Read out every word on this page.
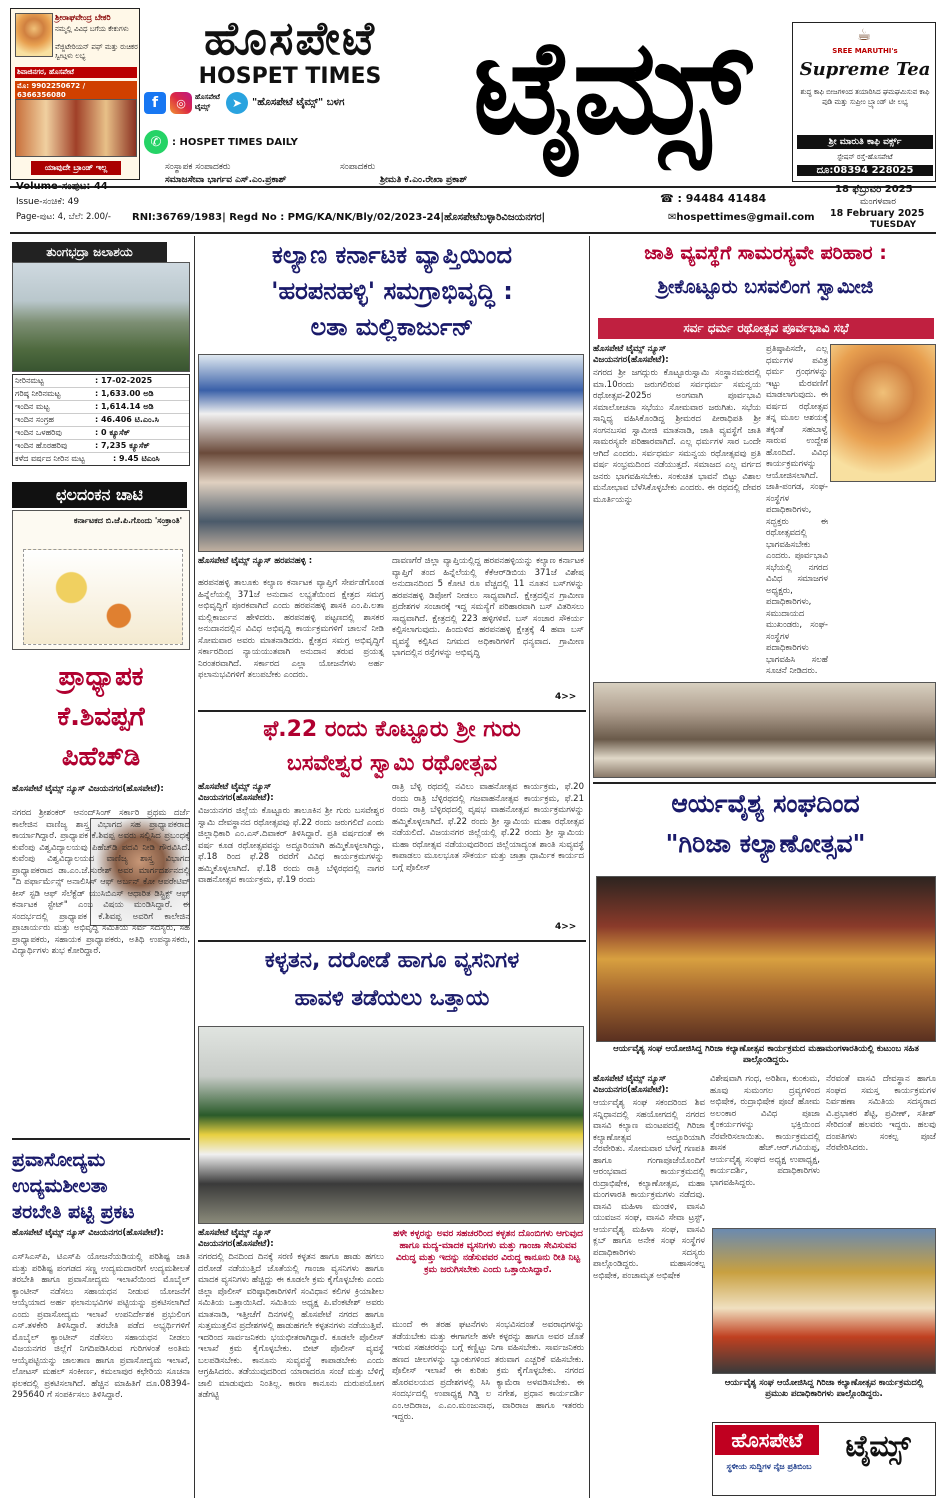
ಶ್ರೀರಾಘವೇಂದ್ರ ಬೇಕರಿ
ನಮ್ಮಲ್ಲಿ ವಿವಿಧ ಬಗೆಯ ಕೇಕುಗಳು
ವೆಜ್ಜಿಟೇರಿಯನ್ ಪಫ್ ಮತ್ತು ರುಚಿಕರ ಸ್ವೀಟ್ಗಳು ಲಭ್ಯ
ಶಿವಾಜಿನಗರ, ಹೊಸಪೇಟೆ
ಮೊ: 9902250672 / 6366356080
ಯಾವುದೇ ಬ್ರಾಂಡ್ ಇಲ್ಲ
ಹೊಸಪೇಟೆ
HOSPET TIMES ಟೈಮ್ಸ್
f	◎	ಹೊಸಪೇಟೆ ಟೈಮ್ಸ್	➤ "ಹೊಸಪೇಟೆ ಟೈಮ್ಸ್" ಬಳಗ
✆	: HOSPET TIMES DAILY
ಸಂಸ್ಥಾಪಕ ಸಂಪಾದಕರು	ಸಂಪಾದಕರು
ಸಮಾಜಸೇವಾ ಭಾರ್ಗವ ಎಸ್.ಎಂ.ಪ್ರಕಾಶ್	ಶ್ರೀಮತಿ ಕೆ.ಎಂ.ರೇಖಾ ಪ್ರಕಾಶ್
☕
SREE MARUTHI's
Supreme Tea
ಶುದ್ಧ ಕಾಫಿ ಬೀಜಗಳಿಂದ ತಯಾರಿಸಿದ ಘಮಘಮಿಸುವ ಕಾಫಿ ಪುಡಿ ಮತ್ತು ಸುಪ್ರೀಂ ಬ್ರ್ಯಾಂಡ್ ಟೀ ಲಭ್ಯ
ಶ್ರೀ ಮಾರುತಿ ಕಾಫಿ ವರ್ಕ್ಸ್
ಸ್ಟೇಷನ್ ರಸ್ತೆ-ಹೊಸಪೇಟೆ
ದೂ:08394 228025
Volume-ಸಂಪುಟ: 44
Issue-ಸಂಚಿಕೆ: 49
Page-ಪುಟ: 4, ಬೆಲೆ: 2.00/-
☎ : 94484 41484
RNI:36769/1983| Regd No : PMG/KA/NK/Bly/02/2023-24|ಹೊಸಪೇಟೆಬಳ್ಳಾರಿವಿಜಯನಗರ|	✉hospettimes@gmail.com
18 ಫೆಬ್ರುವರಿ 2025
ಮಂಗಳವಾರ
18 February 2025
TUESDAY
ತುಂಗಭದ್ರಾ ಜಲಾಶಯ
ನೀರಿನಮಟ್ಟ	: 17-02-2025
ಗರಿಷ್ಠ ನೀರಿನಮಟ್ಟ	: 1,633.00 ಅಡಿ
ಇಂದಿನ ಮಟ್ಟ	: 1,614.14 ಅಡಿ
ಇಂದಿನ ಸಂಗ್ರಹ	: 46.406 ಟಿ.ಎಂ.ಸಿ
ಇಂದಿನ ಒಳಹರಿವು	: 0 ಕ್ಯೂಸೆಕ್
ಇಂದಿನ ಹೊರಹರಿವು	: 7,235 ಕ್ಯೂಸೆಕ್
ಕಳೆದ ವರ್ಷದ ನೀರಿನ ಮಟ್ಟ	: 9.45 ಟಿಎಂಸಿ
ಛಲದಂಕನ ಚಾಟಿ
ಕರ್ನಾಟಕದ ಬಿ.ಜೆ.ಪಿ.ಗೊಂದು 'ಸಂಕ್ರಾಂತಿ'
ಪ್ರಾಧ್ಯಾಪಕ
ಕೆ.ಶಿವಪ್ಪಗೆ
ಪಿಹೆಚ್‌ಡಿ
ಹೊಸಪೇಟೆ ಟೈಮ್ಸ್ ನ್ಯೂಸ್ ವಿಜಯನಗರ(ಹೊಸಪೇಟೆ):
ನಗರದ ಶ್ರೀಶಂಕರ್ ಆನಂದ್‌ಸಿಂಗ್ ಸರ್ಕಾರಿ ಪ್ರಥಮ ದರ್ಜೆ ಕಾಲೇಜಿನ ವಾಣಿಜ್ಯ ಶಾಸ್ತ್ರ ವಿಭಾಗದ ಸಹ ಪ್ರಾಧ್ಯಾಪಕರಾದ ಕಾರ್ಯಾಗಿದ್ದಾರೆ. ಪ್ರಾಧ್ಯಾಪಕ ಕೆ.ಶಿವಪ್ಪ ಅವರು ಸಲ್ಲಿಸಿದ ಪ್ರಬಂಧಕ್ಕೆ ಕುವೆಂಪು ವಿಶ್ವವಿದ್ಯಾಲಯವು ಪಿಹೆಚ್‌ಡಿ ಪದವಿ ನೀಡಿ ಗೌರವಿಸಿದೆ. ಕುವೆಂಪು ವಿಶ್ವವಿದ್ಯಾಲಯದ ವಾಣಿಜ್ಯ ಶಾಸ್ತ್ರ ವಿಭಾಗದ ಪ್ರಾಧ್ಯಾಪಕರಾದ ಡಾ.ಎಂ.ಜೆ.ಸುರೇಶ್ ಅವರ ಮಾರ್ಗದರ್ಶನದಲ್ಲಿ "ದಿ ಪರ್ಫಾರ್ಮೆನ್ಸ್ ಅನಾಲಿಸಿಸ್ ಆಫ್ ಅರ್ಬನ್ ಕೋ ಆಪರೇಟಿವ್ ಕೀಸ್ ಸ್ಟಡಿ ಆಫ್ ಸೆಲೆಕ್ಟೆಡ್ ಯುಸಿಬಿಎಸ್ ಆಧಾರಿತ ಡಿಸ್ಟ್ರಿಕ್ಟ್ ಆಫ್ ಕರ್ನಾಟಕ ಸ್ಟೇಟ್" ಎಂಬ ವಿಷಯ ಮಂಡಿಸಿದ್ದಾರೆ. ಈ ಸಂದರ್ಭದಲ್ಲಿ ಪ್ರಾಧ್ಯಾಪಕ ಕೆ.ಶಿವಪ್ಪ ಅವರಿಗೆ ಕಾಲೇಜಿನ ಪ್ರಾಚಾರ್ಯರು ಮತ್ತು ಅಭಿವೃದ್ಧಿ ಸಮಿತಿಯ ಸರ್ವ ಸದಸ್ಯರು, ಸಹ ಪ್ರಾಧ್ಯಾಪಕರು, ಸಹಾಯಕ ಪ್ರಾಧ್ಯಾಪಕರು, ಅತಿಥಿ ಉಪನ್ಯಾಸಕರು, ವಿದ್ಯಾರ್ಥಿಗಳು ಶುಭ ಕೋರಿದ್ದಾರೆ.
ಪ್ರವಾಸೋದ್ಯಮ
ಉದ್ಯಮಶೀಲತಾ
ತರಬೇತಿ ಪಟ್ಟಿ ಪ್ರಕಟ
ಹೊಸಪೇಟೆ ಟೈಮ್ಸ್ ನ್ಯೂಸ್ ವಿಜಯನಗರ(ಹೊಸಪೇಟೆ):
ಎಸ್‌ಸಿಎಸ್‌ಪಿ, ಟಿಎಸ್‌ಪಿ ಯೋಜನೆಯಡಿಯಲ್ಲಿ ಪರಿಶಿಷ್ಟ ಜಾತಿ ಮತ್ತು ಪರಿಶಿಷ್ಟ ಪಂಗಡದ ಸಣ್ಣ ಉದ್ಯಮದಾರರಿಗೆ ಉದ್ಯಮಶೀಲತೆ ತರಬೇತಿ ಹಾಗೂ ಪ್ರವಾಸೋದ್ಯಮ ಇಲಾಖೆಯಿಂದ ಮೊಬೈಲ್ ಕ್ಯಾಂಟೀನ್ ನಡೆಸಲು ಸಹಾಯಧನ ನೀಡುವ ಯೋಜನೆಗೆ ಆಯ್ಕೆಯಾದ ಅರ್ಹ ಫಲಾನುಭವಿಗಳ ಪಟ್ಟಿಯನ್ನು ಪ್ರಕಟಿಸಲಾಗಿದೆ ಎಂದು ಪ್ರವಾಸೋದ್ಯಮ ಇಲಾಖೆ ಉಪನಿರ್ದೇಶಕ ಪ್ರಭುಲಿಂಗ ಎಸ್.ತಳಕೇರಿ ತಿಳಿಸಿದ್ದಾರೆ. ತರಬೇತಿ ಪಡೆದ ಅಭ್ಯರ್ಥಿಗಳಿಗೆ ಮೊಬೈಲ್ ಕ್ಯಾಂಟೀನ್ ನಡೆಸಲು ಸಹಾಯಧನ ನೀಡಲು ವಿಜಯನಗರ ಜಿಲ್ಲೆಗೆ ನಿಗದಿಪಡಿಸಿರುವ ಗುರಿಗಳಂತೆ ಅಂತಿಮ ಆಯ್ಕೆಪಟ್ಟಿಯನ್ನು ಜಾಲತಾಣ ಹಾಗೂ ಪ್ರವಾಸೋದ್ಯಮ ಇಲಾಖೆ, ಲೋಟಸ್ ಮಹಲ್ ಸಂಕೀರ್ಣ, ಕಮಲಾಪುರ ಕಛೇರಿಯ ಸೂಚನಾ ಫಲಕದಲ್ಲಿ ಪ್ರಕಟಿಸಲಾಗಿದೆ. ಹೆಚ್ಚಿನ ಮಾಹಿತಿಗೆ ದೂ.08394-295640 ಗೆ ಸಂಪರ್ಕಿಸಲು ತಿಳಿಸಿದ್ದಾರೆ.
ಕಲ್ಯಾಣ ಕರ್ನಾಟಕ ವ್ಯಾಪ್ತಿಯಿಂದ
'ಹರಪನಹಳ್ಳಿ' ಸಮಗ್ರಾಭಿವೃದ್ಧಿ :
ಲತಾ ಮಲ್ಲಿಕಾರ್ಜುನ್
ಹೊಸಪೇಟೆ ಟೈಮ್ಸ್ ನ್ಯೂಸ್ ಹರಪನಹಳ್ಳಿ :
ಹರಪನಹಳ್ಳಿ ತಾಲೂಕು ಕಲ್ಯಾಣ ಕರ್ನಾಟಕ ವ್ಯಾಪ್ತಿಗೆ ಸೇರ್ಪಡೆಗೊಂಡ ಹಿನ್ನೆಲೆಯಲ್ಲಿ 371ಜೆ ಅನುದಾನ ಲಭ್ಯತೆಯಿಂದ ಕ್ಷೇತ್ರದ ಸಮಗ್ರ ಅಭಿವೃದ್ಧಿಗೆ ಪೂರಕವಾಗಿದೆ ಎಂದು ಹರಪನಹಳ್ಳಿ ಶಾಸಕಿ ಎಂ.ಪಿ.ಲತಾ ಮಲ್ಲಿಕಾರ್ಜುನ ಹೇಳಿದರು. ಹರಪನಹಳ್ಳಿ ಪಟ್ಟಣದಲ್ಲಿ ಶಾಸಕರ ಅನುದಾನದಲ್ಲಿನ ವಿವಿಧ ಅಭಿವೃದ್ಧಿ ಕಾರ್ಯಕ್ರಮಗಳಿಗೆ ಚಾಲನೆ ನೀಡಿ ಸೋಮವಾರ ಅವರು ಮಾತನಾಡಿದರು. ಕ್ಷೇತ್ರದ ಸಮಗ್ರ ಅಭಿವೃದ್ಧಿಗೆ ಸರ್ಕಾರದಿಂದ ನ್ಯಾಯಯುತವಾಗಿ ಅನುದಾನ ತರುವ ಪ್ರಯತ್ನ ನಿರಂತರವಾಗಿದೆ. ಸರ್ಕಾರದ ಎಲ್ಲಾ ಯೋಜನೆಗಳು ಅರ್ಹ ಫಲಾನುಭವಿಗಳಿಗೆ ತಲುಪಬೇಕು ಎಂದರು.
ದಾವಣಗೆರೆ ಜಿಲ್ಲಾ ವ್ಯಾಪ್ತಿಯಲ್ಲಿದ್ದ ಹರಪನಹಳ್ಳಿಯನ್ನು ಕಲ್ಯಾಣ ಕರ್ನಾಟಕ ವ್ಯಾಪ್ತಿಗೆ ತಂದ ಹಿನ್ನೆಲೆಯಲ್ಲಿ ಕೆಕೆಆರ್‌ಡಿಬಿಯ 371ಜೆ ವಿಶೇಷ ಅನುದಾನದಿಂದ 5 ಕೋಟಿ ರೂ ವೆಚ್ಚದಲ್ಲಿ 11 ನೂತನ ಬಸ್‌ಗಳನ್ನು ಹರಪನಹಳ್ಳಿ ಡಿಪೋಗೆ ನೀಡಲು ಸಾಧ್ಯವಾಗಿದೆ. ಕ್ಷೇತ್ರದಲ್ಲಿನ ಗ್ರಾಮೀಣ ಪ್ರದೇಶಗಳ ಸಂಚಾರಕ್ಕೆ ಇದ್ದ ಸಮಸ್ಯೆಗೆ ಪರಿಹಾರವಾಗಿ ಬಸ್ ವಿತರಿಸಲು ಸಾಧ್ಯವಾಗಿದೆ. ಕ್ಷೇತ್ರದಲ್ಲಿ 223 ಹಳ್ಳಿಗಳಿವೆ. ಬಸ್ ಸಂಚಾರ ಸೌಕರ್ಯ ಕಲ್ಪಿಸಲಾಗುವುದು. ಹಿಂದುಳಿದ ಹರಪನಹಳ್ಳಿ ಕ್ಷೇತ್ರಕ್ಕೆ 4 ಹವಾ ಬಸ್ ವ್ಯವಸ್ಥೆ ಕಲ್ಪಿಸಿದ ನಿಗಮದ ಅಧಿಕಾರಿಗಳಿಗೆ ಧನ್ಯವಾದ. ಗ್ರಾಮೀಣ ಭಾಗದಲ್ಲಿನ ರಸ್ತೆಗಳನ್ನು ಅಭಿವೃದ್ಧಿ
4>>
ಫೆ.22 ರಂದು ಕೊಟ್ಟೂರು ಶ್ರೀ ಗುರು
ಬಸವೇಶ್ವರ ಸ್ವಾಮಿ ರಥೋತ್ಸವ
ಹೊಸಪೇಟೆ ಟೈಮ್ಸ್ ನ್ಯೂಸ್ ವಿಜಯನಗರ(ಹೊಸಪೇಟೆ):
ವಿಜಯನಗರ ಜಿಲ್ಲೆಯ ಕೊಟ್ಟೂರು ತಾಲೂಕಿನ ಶ್ರೀ ಗುರು ಬಸವೇಶ್ವರ ಸ್ವಾಮಿ ದೇವಸ್ಥಾನದ ರಥೋತ್ಸವವು ಫೆ.22 ರಂದು ಜರುಗಲಿದೆ ಎಂದು ಜಿಲ್ಲಾಧಿಕಾರಿ ಎಂ.ಎಸ್.ದಿವಾಕರ್ ತಿಳಿಸಿದ್ದಾರೆ. ಪ್ರತಿ ವರ್ಷದಂತೆ ಈ ವರ್ಷ ಕೂಡ ರಥೋತ್ಸವವನ್ನು ಅದ್ಧೂರಿಯಾಗಿ ಹಮ್ಮಿಕೊಳ್ಳಲಾಗಿದ್ದು, ಫೆ.18 ರಿಂದ ಫೆ.28 ರವರೆಗೆ ವಿವಿಧ ಕಾರ್ಯಕ್ರಮಗಳನ್ನು ಹಮ್ಮಿಕೊಳ್ಳಲಾಗಿದೆ. ಫೆ.18 ರಂದು ರಾತ್ರಿ ಬೆಳ್ಳಿರಥದಲ್ಲಿ ನಾಗರ ವಾಹನೋತ್ಸವ ಕಾರ್ಯಕ್ರಮ, ಫೆ.19 ರಂದು
ರಾತ್ರಿ ಬೆಳ್ಳಿ ರಥದಲ್ಲಿ ನವಿಲು ವಾಹನೋತ್ಸವ ಕಾರ್ಯಕ್ರಮ, ಫೆ.20 ರಂದು ರಾತ್ರಿ ಬೆಳ್ಳಿರಥದಲ್ಲಿ ಗಜವಾಹನೋತ್ಸವ ಕಾರ್ಯಕ್ರಮ, ಫೆ.21 ರಂದು ರಾತ್ರಿ ಬೆಳ್ಳಿರಥದಲ್ಲಿ ವೃಷಭ ವಾಹನೋತ್ಸವ ಕಾರ್ಯಕ್ರಮಗಳನ್ನು ಹಮ್ಮಿಕೊಳ್ಳಲಾಗಿದೆ. ಫೆ.22 ರಂದು ಶ್ರೀ ಸ್ವಾಮಿಯ ಮಹಾ ರಥೋತ್ಸವ ನಡೆಯಲಿದೆ. ವಿಜಯನಗರ ಜಿಲ್ಲೆಯಲ್ಲಿ ಫೆ.22 ರಂದು ಶ್ರೀ ಸ್ವಾಮಿಯ ಮಹಾ ರಥೋತ್ಸವ ನಡೆಯುವುದರಿಂದ ಜಿಲ್ಲೆಯಾದ್ಯಂತ ಶಾಂತಿ ಸುವ್ಯವಸ್ಥೆ ಕಾಪಾಡಲು ಮೂಲಭೂತ ಸೌಕರ್ಯ ಮತ್ತು ಜಾತ್ರಾ ಧಾರ್ಮಿಕ ಕಾರ್ಯದ ಬಗ್ಗೆ ಪೊಲೀಸ್
4>>
ಕಳ್ಳತನ, ದರೋಡೆ ಹಾಗೂ ವ್ಯಸನಿಗಳ
ಹಾವಳಿ ತಡೆಯಲು ಒತ್ತಾಯ
ಹೊಸಪೇಟೆ ಟೈಮ್ಸ್ ನ್ಯೂಸ್ ವಿಜಯನಗರ(ಹೊಸಪೇಟೆ):
ನಗರದಲ್ಲಿ ದಿನದಿಂದ ದಿನಕ್ಕೆ ಸರಣಿ ಕಳ್ಳತನ ಹಾಗೂ ಹಾಡು ಹಗಲು ದರೋಡೆ ನಡೆಯುತ್ತಿದೆ ಜೊತೆಯಲ್ಲಿ ಗಾಂಜಾ ವ್ಯಸನಿಗಳು ಹಾಗೂ ಮಾದಕ ವ್ಯಸನಿಗಳು ಹೆಚ್ಚಿದ್ದು ಈ ಕೂಡಲೇ ಕ್ರಮ ಕೈಗೊಳ್ಳಬೇಕು ಎಂದು ಜಿಲ್ಲಾ ಪೊಲೀಸ್ ವರಿಷ್ಠಾಧಿಕಾರಿಗಳಿಗೆ ಸಂವಿಧಾನ ಕಲಿಗಳ ಕ್ರಿಯಾಶೀಲ ಸಮಿತಿಯ ಒತ್ತಾಯಿಸಿದೆ. ಸಮಿತಿಯ ಅಧ್ಯಕ್ಷ ಪಿ.ವೆಂಕಟೇಶ್ ಅವರು ಮಾತನಾಡಿ, ಇತ್ತೀಚೆಗೆ ದಿನಗಳಲ್ಲಿ ಹೊಸಪೇಟೆ ನಗರದ ಹಾಗೂ ಸುತ್ತಮುತ್ತಲಿನ ಪ್ರದೇಶಗಳಲ್ಲಿ ಹಾಡುಹಗಲೇ ಕಳ್ಳತನಗಳು ನಡೆಯುತ್ತಿವೆ. ಇದರಿಂದ ಸಾರ್ವಜನಿಕರು ಭಯಭೀತರಾಗಿದ್ದಾರೆ. ಕೂಡಲೇ ಪೊಲೀಸ್ ಇಲಾಖೆ ಕ್ರಮ ಕೈಗೊಳ್ಳಬೇಕು. ಬೀಟ್ ಪೊಲೀಸ್ ವ್ಯವಸ್ಥೆ ಬಲಪಡಿಸಬೇಕು. ಕಾನೂನು ಸುವ್ಯವಸ್ಥೆ ಕಾಪಾಡಬೇಕು ಎಂದು ಆಗ್ರಹಿಸಿದರು. ತಡೆಯುವುದರಿಂದ ಯಾರಾದರೂ ಸಂಜೆ ಮತ್ತು ಬೆಳಿಗ್ಗೆ ಜಾಲಿ ಮಾಡುವುದು ನಿಂತಿಲ್ಲ. ಕಾರಣ ಕಾನೂನು ದುರುಪಯೋಗ ತಡೆಗಟ್ಟಿ
ಹಳೇ ಕಳ್ಳರನ್ನು ಅವರ ಸಹಚರರಿಂದ ಕಳ್ಳತನ ದೊಂಬಿಗಳು ಆಗುವುದ ಹಾಗೂ ಮದ್ಯ-ಮಾದಕ ವ್ಯಸನಿಗಳು ಮತ್ತು ಗಾಂಜಾ ಸೇವಿಸುವವ ವಿರುದ್ಧ ಮತ್ತು ಇದನ್ನು ನಡೆಸುವವರ ವಿರುದ್ಧ ಕಾನೂನು ರೀತಿ ನಿಟ್ಟ ಕ್ರಮ ಜರುಗಿಸಬೇಕು ಎಂದು ಒತ್ತಾಯಿಸಿದ್ದಾರೆ.
ಮುಂದೆ ಈ ತರಹ ಘಟನೆಗಳು ಸಂಭವಿಸದಂತೆ ಅವರಾಧಗಳನ್ನು ತಡೆಯಬೇಕು ಮತ್ತು ಈಗಾಗಲೇ ಹಳೇ ಕಳ್ಳರನ್ನು ಹಾಗೂ ಅವರ ಜೊತೆ ಇರುವ ಸಹಚರರನ್ನು ಬಗ್ಗೆ ಕಣ್ಣಿಟ್ಟು ನಿಗಾ ವಹಿಸಬೇಕು. ಸಾರ್ವಜನಿಕರು ಹಣದ ಚೀಲಗಳನ್ನು ಬ್ಯಾಂಕುಗಳಿಂದ ತರುವಾಗ ಎಚ್ಚರಿಕೆ ವಹಿಸಬೇಕು. ಪೊಲೀಸ್ ಇಲಾಖೆ ಈ ಕುರಿತು ಕ್ರಮ ಕೈಗೊಳ್ಳಬೇಕು. ನಗರದ ಹೊರವಲಯದ ಪ್ರದೇಶಗಳಲ್ಲಿ ಸಿಸಿ ಕ್ಯಾಮೆರಾ ಅಳವಡಿಸಬೇಕು. ಈ ಸಂದರ್ಭದಲ್ಲಿ ಉಪಾಧ್ಯಕ್ಷ ಗಿಡ್ಡಿ ಲ ನಗೇಶ, ಪ್ರಧಾನ ಕಾರ್ಯದರ್ಶಿ ಎಂ.ಆದಿರಾಜ, ಎ.ಎಂ.ಮಂಜುನಾಥ, ವಾರಿರಾಜ ಹಾಗೂ ಇತರರು ಇದ್ದರು.
ಜಾತಿ ವ್ಯವಸ್ಥೆಗೆ ಸಾಮರಸ್ಯವೇ ಪರಿಹಾರ :
ಶ್ರೀಕೊಟ್ಟೂರು ಬಸವಲಿಂಗ ಸ್ವಾಮೀಜಿ
ಸರ್ವ ಧರ್ಮ ರಥೋತ್ಸವ ಪೂರ್ವಭಾವಿ ಸಭೆ
ಹೊಸಪೇಟೆ ಟೈಮ್ಸ್ ನ್ಯೂಸ್ ವಿಜಯನಗರ(ಹೊಸಪೇಟೆ):
ನಗರದ ಶ್ರೀ ಜಗದ್ಗುರು ಕೊಟ್ಟೂರುಸ್ವಾಮಿ ಸಂಸ್ಥಾನಮಠದಲ್ಲಿ ಮಾ.10ರಂದು ಜರುಗಲಿರುವ ಸರ್ವಧರ್ಮ ಸಮನ್ವಯ ರಥೋತ್ಸವ-2025ರ ಅಂಗವಾಗಿ ಪೂರ್ವಭಾವಿ ಸಮಾಲೋಚನಾ ಸಭೆಯು ಸೋಮವಾರ ಜರುಗಿತು. ಸಭೆಯ ಸಾನ್ನಿಧ್ಯ ವಹಿಸಿಕೊಂಡಿದ್ದ ಶ್ರೀಮಠದ ಪೀಠಾಧಿಪತಿ ಶ್ರೀ ಸಂಗನಬಸವ ಸ್ವಾಮೀಜಿ ಮಾತನಾಡಿ, ಜಾತಿ ವ್ಯವಸ್ಥೆಗೆ ಜಾತಿ ಸಾಮರಸ್ಯವೇ ಪರಿಹಾರವಾಗಿದೆ. ಎಲ್ಲ ಧರ್ಮಗಳ ಸಾರ ಒಂದೇ ಆಗಿದೆ ಎಂದರು. ಸರ್ವಧರ್ಮ ಸಮನ್ವಯ ರಥೋತ್ಸವವು ಪ್ರತಿ ವರ್ಷ ಸಂಭ್ರಮದಿಂದ ನಡೆಯುತ್ತದೆ. ಸಮಾಜದ ಎಲ್ಲ ವರ್ಗದ ಜನರು ಭಾಗವಹಿಸಬೇಕು. ಸಂಕುಚಿತ ಭಾವನೆ ಬಿಟ್ಟು ವಿಶಾಲ ಮನೋಭಾವ ಬೆಳೆಸಿಕೊಳ್ಳಬೇಕು ಎಂದರು. ಈ ರಥದಲ್ಲಿ ದೇವರ ಮೂರ್ತಿಯನ್ನು
ಪ್ರತಿಷ್ಠಾಪಿಸದೇ, ಎಲ್ಲ ಧರ್ಮಗಳ ಪವಿತ್ರ ಧರ್ಮ ಗ್ರಂಥಗಳನ್ನು ಇಟ್ಟು ಮೆರವಣಿಗೆ ಮಾಡಲಾಗುವುದು. ಈ ವರ್ಷದ ರಥೋತ್ಸವ ತನ್ನ ಮೂಲ ಆಶಯಕ್ಕೆ ತಕ್ಕಂತೆ ಸಹಬಾಳ್ವೆ ಸಾರುವ ಉದ್ದೇಶ ಹೊಂದಿದೆ. ವಿವಿಧ ಕಾರ್ಯಕ್ರಮಗಳನ್ನು ಆಯೋಜಿಸಲಾಗಿದೆ. ಜಾತಿ-ಪಂಗಡ, ಸಂಘ-ಸಂಸ್ಥೆಗಳ ಪದಾಧಿಕಾರಿಗಳು, ಸದ್ಭಕ್ತರು ಈ ರಥೋತ್ಸವದಲ್ಲಿ ಭಾಗವಹಿಸಬೇಕು ಎಂದರು. ಪೂರ್ವಭಾವಿ ಸಭೆಯಲ್ಲಿ ನಗರದ ವಿವಿಧ ಸಮಾಜಗಳ ಅಧ್ಯಕ್ಷರು, ಪದಾಧಿಕಾರಿಗಳು, ಸಮುದಾಯದ ಮುಖಂಡರು, ಸಂಘ-ಸಂಸ್ಥೆಗಳ ಪದಾಧಿಕಾರಿಗಳು ಭಾಗವಹಿಸಿ ಸಲಹೆ ಸೂಚನೆ ನೀಡಿದರು.
ಆರ್ಯವೈಶ್ಯ ಸಂಘದಿಂದ
"ಗಿರಿಜಾ ಕಲ್ಯಾಣೋತ್ಸವ"
ಆರ್ಯವೈಶ್ಯ ಸಂಘ ಆಯೋಜಿಸಿದ್ದ ಗಿರಿಜಾ ಕಲ್ಯಾಣೋತ್ಸವ ಕಾರ್ಯಕ್ರಮದ ಮಹಾಮಂಗಳಾರತಿಯಲ್ಲಿ ಕುಟುಂಬ ಸಹಿತ ಪಾಲ್ಗೊಂಡಿದ್ದರು.
ಹೊಸಪೇಟೆ ಟೈಮ್ಸ್ ನ್ಯೂಸ್ ವಿಜಯನಗರ(ಹೊಸಪೇಟೆ):
ಆರ್ಯವೈಶ್ಯ ಸಂಘ ಸಕಂದರಿಂದ ಶಿವ ಸನ್ನಿಧಾನದಲ್ಲಿ ಸಹಯೋಗದಲ್ಲಿ ನಗರದ ವಾಸವಿ ಕಲ್ಯಾಣ ಮಂಟಪದಲ್ಲಿ ಗಿರಿಜಾ ಕಲ್ಯಾಣೋತ್ಸವ ಅದ್ದೂರಿಯಾಗಿ ನೆರವೇರಿತು. ಸೋಮವಾರ ಬೆಳಗ್ಗೆ ಗಣಪತಿ ಹಾಗೂ ಗಂಗಾಪೂಜೆಯೊಂದಿಗೆ ಆರಂಭವಾದ ಕಾರ್ಯಕ್ರಮದಲ್ಲಿ ರುದ್ರಾಭಿಷೇಕ, ಕಲ್ಯಾಣೋತ್ಸವ, ಮಹಾ ಮಂಗಳಾರತಿ ಕಾರ್ಯಕ್ರಮಗಳು ನಡೆದವು. ವಾಸವಿ ಮಹಿಳಾ ಮಂಡಳಿ, ವಾಸವಿ ಯುವಜನ ಸಂಘ, ವಾಸವಿ ಸೇವಾ ಟ್ರಸ್ಟ್, ಆರ್ಯವೈಶ್ಯ ಮಹಿಳಾ ಸಂಘ, ವಾಸವಿ ಕ್ಲಬ್ ಹಾಗೂ ಅನೇಕ ಸಂಘ ಸಂಸ್ಥೆಗಳ ಪದಾಧಿಕಾರಿಗಳು ಸದಸ್ಯರು ಪಾಲ್ಗೊಂಡಿದ್ದರು. ಮಹಾಸಂಕಲ್ಪ ಅಭಿಷೇಕ, ಪಂಚಾಮೃತ ಅಭಿಷೇಕ
ವಿಶೇಷವಾಗಿ ಗಂಧ, ಅರಿಶಿಣ, ಕುಂಕುಮ, ಹೂವು ಸುಮಂಗಲ ದ್ರವ್ಯಗಳಿಂದ ಅಭಿಷೇಕ, ರುದ್ರಾಭಿಷೇಕ ಪೂಜೆ ಹೋಮ ಅಲಂಕಾರ ವಿವಿಧ ಪೂಜಾ ಕೈಂಕರ್ಯಗಳನ್ನು ಭಕ್ತಿಯಿಂದ ನೆರವೇರಿಸಲಾಯಿತು. ಕಾರ್ಯಕ್ರಮದಲ್ಲಿ ಶಾಸಕ ಹೆಚ್.ಆರ್.ಗವಿಯಪ್ಪ, ಆರ್ಯವೈಶ್ಯ ಸಂಘದ ಅಧ್ಯಕ್ಷ ಉಪಾಧ್ಯಕ್ಷ, ಕಾರ್ಯದರ್ಶಿ, ಪದಾಧಿಕಾರಿಗಳು ಭಾಗವಹಿಸಿದ್ದರು.
ನೆರವಂತೆ ವಾಸವಿ ದೇವಸ್ಥಾನ ಹಾಗೂ ಸಂಘದ ಸಮಸ್ತ ಕಾರ್ಯಕ್ರಮಗಳ ನಿರ್ವಹಣಾ ಸಮಿತಿಯ ಸದಸ್ಯರಾದ ವಿ.ಪ್ರಭಾಕರ ಶೆಟ್ಟಿ, ಪ್ರವೀಣ್, ಸತೀಶ್ ಸೇರಿದಂತೆ ಹಲವರು ಇದ್ದರು. ಹಲವು ದಂಪತಿಗಳು ಸಂಕಲ್ಪ ಪೂಜೆ ನೆರವೇರಿಸಿದರು.
ಆರ್ಯವೈಶ್ಯ ಸಂಘ ಆಯೋಜಿಸಿದ್ದ ಗಿರಿಜಾ ಕಲ್ಯಾಣೋತ್ಸವ ಕಾರ್ಯಕ್ರಮದಲ್ಲಿ ಪ್ರಮುಖ ಪದಾಧಿಕಾರಿಗಳು ಪಾಲ್ಗೊಂಡಿದ್ದರು.
ಹೊಸಪೇಟೆ	ಟೈಮ್ಸ್
ಸ್ಥಳೀಯ ಸುದ್ದಿಗಳ ನೈಜ ಪ್ರತಿಬಿಂಬ
